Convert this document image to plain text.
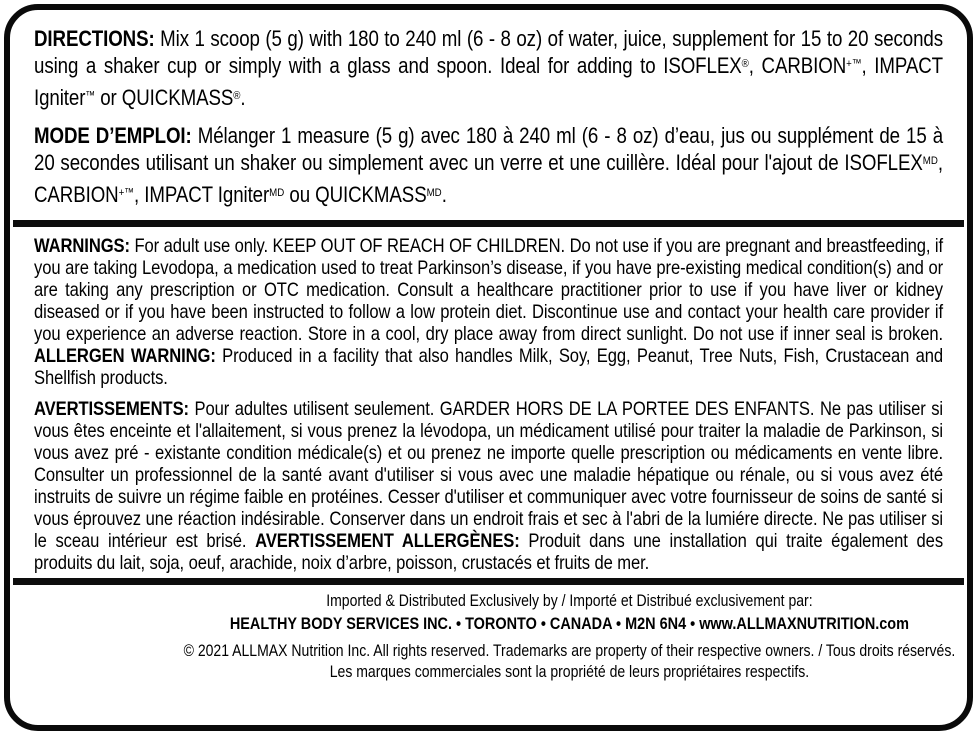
DIRECTIONS: Mix 1 scoop (5 g) with 180 to 240 ml (6 - 8 oz) of water, juice, supplement for 15 to 20 seconds using a shaker cup or simply with a glass and spoon. Ideal for adding to ISOFLEX®, CARBION+™, IMPACT Igniter™ or QUICKMASS®.

MODE D’EMPLOI: Mélanger 1 measure (5 g) avec 180 à 240 ml (6 - 8 oz) d’eau, jus ou supplément de 15 à 20 secondes utilisant un shaker ou simplement avec un verre et une cuillère. Idéal pour l'ajout de $ISOFLEX^{MD}$, CARBION+™, IMPACT Igniter$^{MD}$ ou $QUICKMASS^{MD}$.

WARNINGS: For adult use only. KEEP OUT OF REACH OF CHILDREN. Do not use if you are pregnant and breastfeeding, if you are taking Levodopa, a medication used to treat Parkinson’s disease, if you have pre-existing medical condition(s) and or are taking any prescription or OTC medication. Consult a healthcare practitioner prior to use if you have liver or kidney diseased or if you have been instructed to follow a low protein diet. Discontinue use and contact your health care provider if you experience an adverse reaction. Store in a cool, dry place away from direct sunlight. Do not use if inner seal is broken. ALLERGEN WARNING: Produced in a facility that also handles Milk, Soy, Egg, Peanut, Tree Nuts, Fish, Crustacean and Shellfish products.

AVERTISSEMENTS: Pour adultes utilisent seulement. GARDER HORS DE LA PORTEE DES ENFANTS. Ne pas utiliser si vous êtes enceinte et l'allaitement, si vous prenez la lévodopa, un médicament utilisé pour traiter la maladie de Parkinson, si vous avez pré - existante condition médicale(s) et ou prenez ne importe quelle prescription ou médicaments en vente libre. Consulter un professionnel de la santé avant d'utiliser si vous avec une maladie hépatique ou rénale, ou si vous avez été instruits de suivre un régime faible en protéines. Cesser d'utiliser et communiquer avec votre fournisseur de soins de santé si vous éprouvez une réaction indésirable. Conserver dans un endroit frais et sec à l'abri de la lumiére directe. Ne pas utiliser si le sceau intérieur est brisé. AVERTISSEMENT ALLERGÈNES: Produit dans une installation qui traite également des produits du lait, soja, oeuf, arachide, noix d’arbre, poisson, crustacés et fruits de mer.

Imported & Distributed Exclusively by / Importé et Distribué exclusivement par:

HEALTHY BODY SERVICES INC. • TORONTO • CANADA • M2N 6N4 • www.ALLMAXNUTRITION.com

© 2021 ALLMAX Nutrition Inc. All rights reserved. Trademarks are property of their respective owners. / Tous droits réservés.

Les marques commerciales sont la propriété de leurs propriétaires respectifs.
